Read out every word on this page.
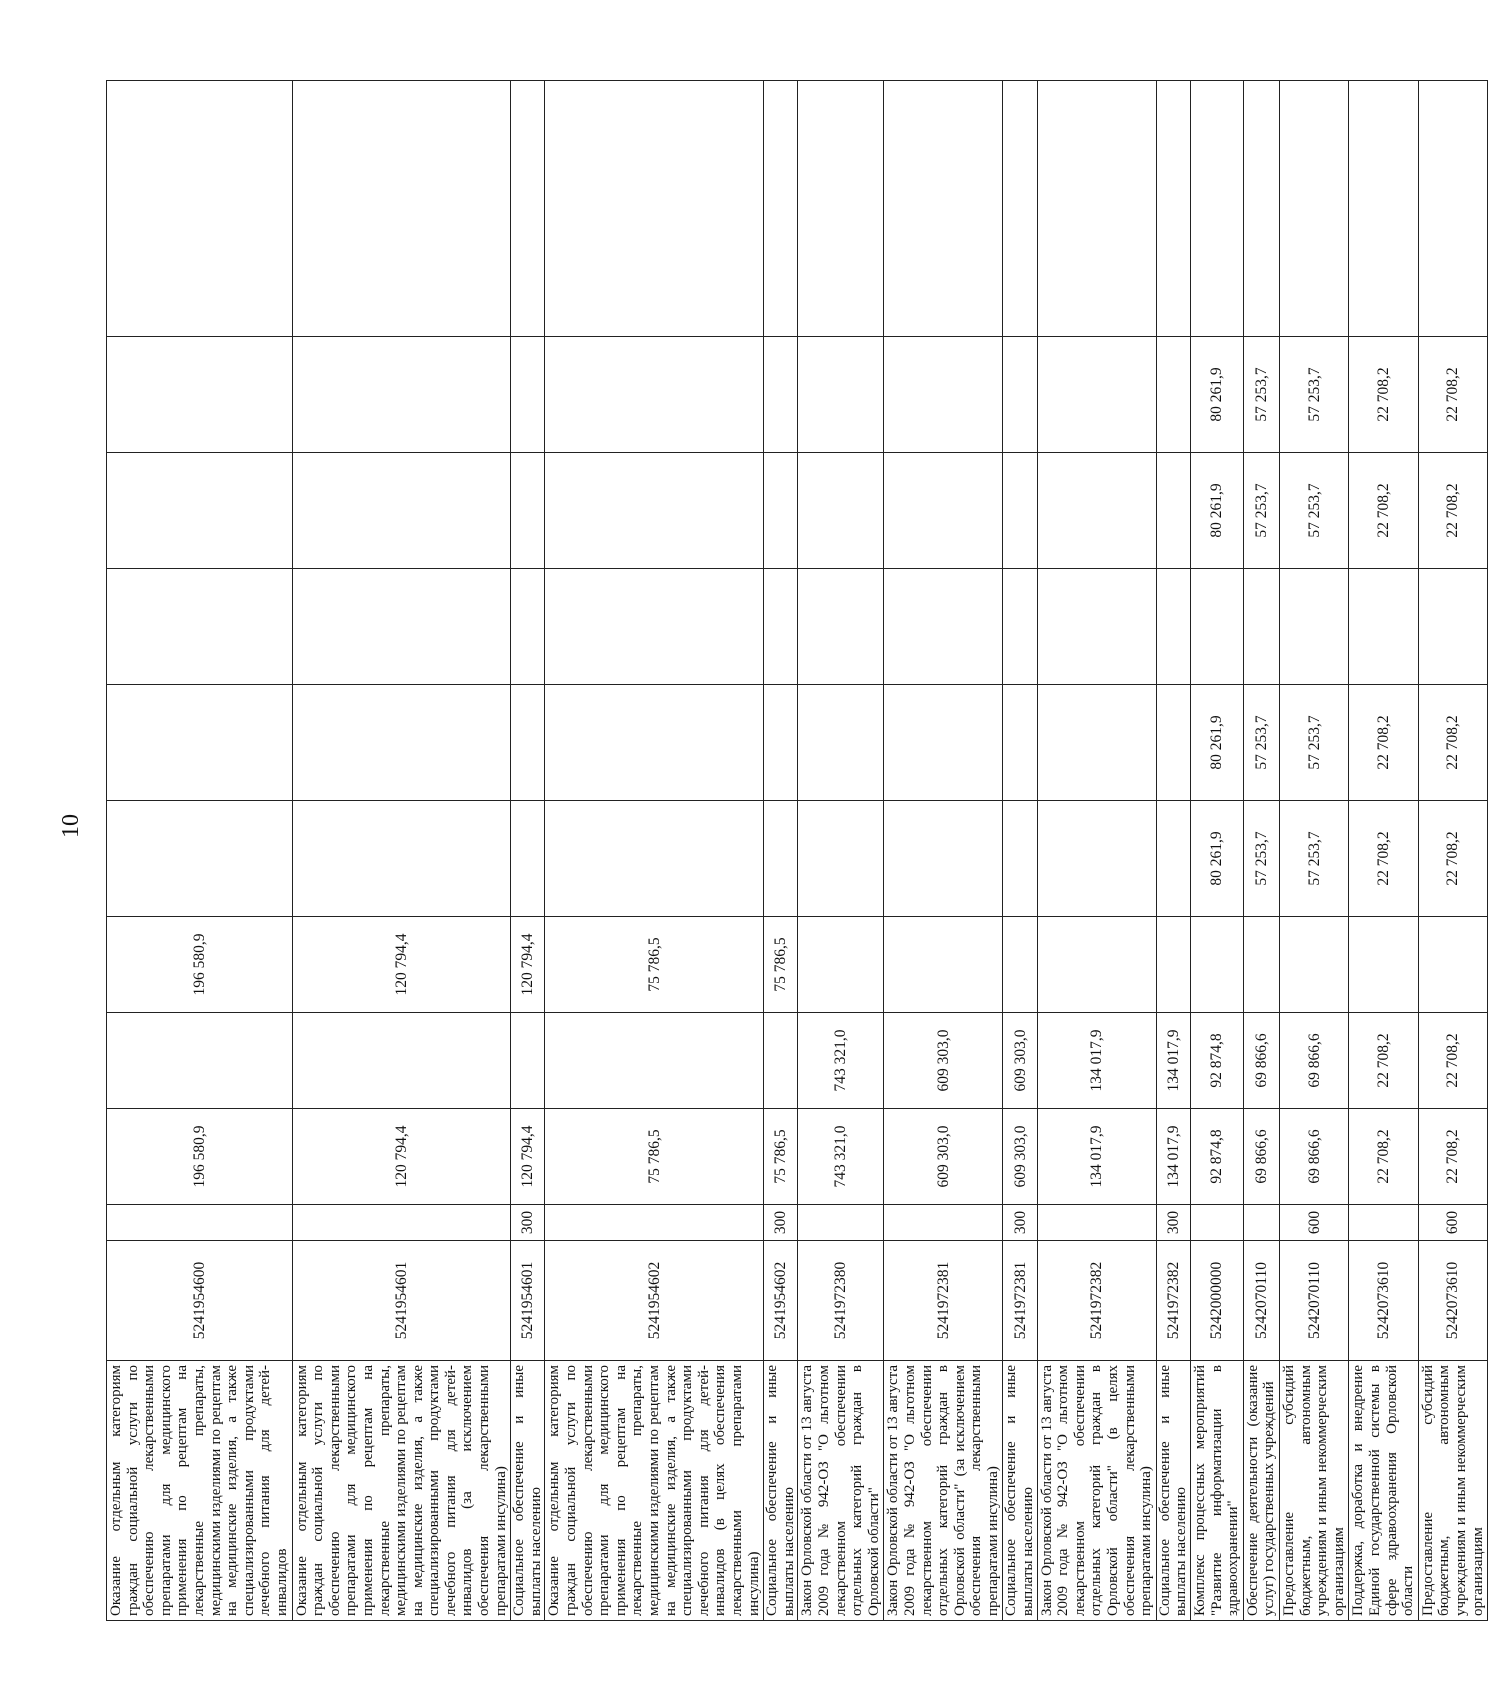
10
Оказание отдельным категориям граждан социальной услуги по обеспечению лекарственными препаратами для медицинского применения по рецептам на лекарственные препараты, медицинскими изделиями по рецептам на медицинские изделия, а также специализированными продуктами лечебного питания для детей-инвалидов	5241954600		196 580,9		196 580,9						
Оказание отдельным категориям граждан социальной услуги по обеспечению лекарственными препаратами для медицинского применения по рецептам на лекарственные препараты, медицинскими изделиями по рецептам на медицинские изделия, а также специализированными продуктами лечебного питания для детей-инвалидов (за исключением обеспечения лекарственными препаратами инсулина)	5241954601		120 794,4		120 794,4						
Социальное обеспечение и иные выплаты населению	5241954601	300	120 794,4		120 794,4						
Оказание отдельным категориям граждан социальной услуги по обеспечению лекарственными препаратами для медицинского применения по рецептам на лекарственные препараты, медицинскими изделиями по рецептам на медицинские изделия, а также специализированными продуктами лечебного питания для детей-инвалидов (в целях обеспечения лекарственными препаратами инсулина)	5241954602		75 786,5		75 786,5						
Социальное обеспечение и иные выплаты населению	5241954602	300	75 786,5		75 786,5						
Закон Орловской области от 13 августа 2009 года № 942-ОЗ "О льготном лекарственном обеспечении отдельных категорий граждан в Орловской области"	5241972380		743 321,0	743 321,0							
Закон Орловской области от 13 августа 2009 года № 942-ОЗ "О льготном лекарственном обеспечении отдельных категорий граждан в Орловской области" (за исключением обеспечения лекарственными препаратами инсулина)	5241972381		609 303,0	609 303,0							
Социальное обеспечение и иные выплаты населению	5241972381	300	609 303,0	609 303,0							
Закон Орловской области от 13 августа 2009 года № 942-ОЗ "О льготном лекарственном обеспечении отдельных категорий граждан в Орловской области" (в целях обеспечения лекарственными препаратами инсулина)	5241972382		134 017,9	134 017,9							
Социальное обеспечение и иные выплаты населению	5241972382	300	134 017,9	134 017,9							
Комплекс процессных мероприятий "Развитие информатизации в здравоохранении"	5242000000		92 874,8	92 874,8		80 261,9	80 261,9		80 261,9	80 261,9	
Обеспечение деятельности (оказание услуг) государственных учреждений	5242070110		69 866,6	69 866,6		57 253,7	57 253,7		57 253,7	57 253,7	
Предоставление субсидий бюджетным, автономным учреждениям и иным некоммерческим организациям	5242070110	600	69 866,6	69 866,6		57 253,7	57 253,7		57 253,7	57 253,7	
Поддержка, доработка и внедрение Единой государственной системы в сфере здравоохранения Орловской области	5242073610		22 708,2	22 708,2		22 708,2	22 708,2		22 708,2	22 708,2	
Предоставление субсидий бюджетным, автономным учреждениям и иным некоммерческим организациям	5242073610	600	22 708,2	22 708,2		22 708,2	22 708,2		22 708,2	22 708,2	
